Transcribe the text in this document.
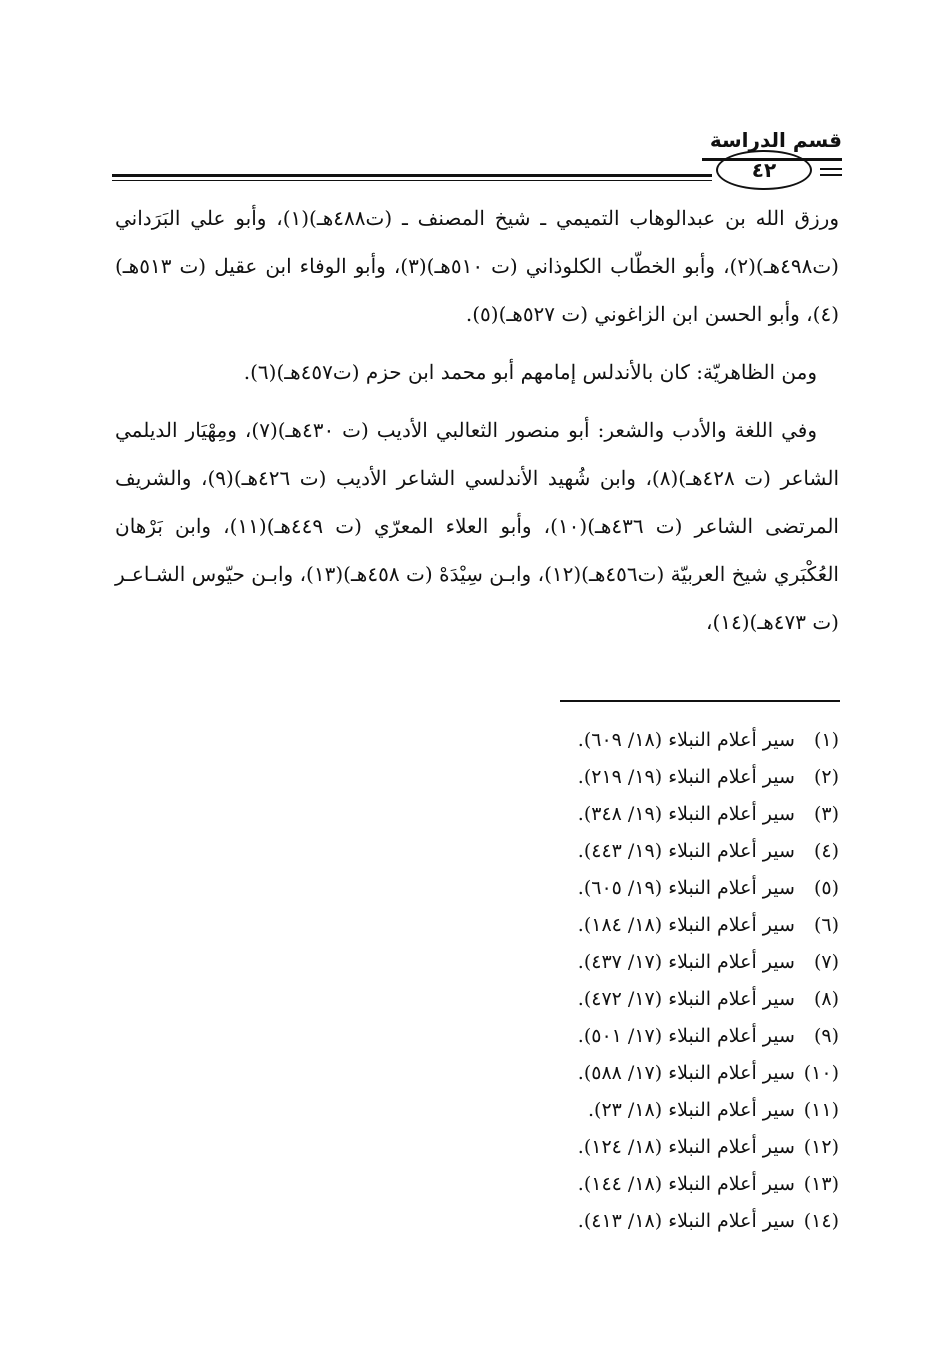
قسم الدراسة
٤٢

ورزق الله بن عبدالوهاب التميمي ـ شيخ المصنف ـ (ت٤٨٨هـ)(١)، وأبو علي البَرَداني (ت٤٩٨هـ)(٢)، وأبو الخطّاب الكلوذاني (ت ٥١٠هـ)(٣)، وأبو الوفاء ابن عقيل (ت ٥١٣هـ)(٤)، وأبو الحسن ابن الزاغوني (ت ٥٢٧هـ)(٥).

ومن الظاهريّة: كان بالأندلس إمامهم أبو محمد ابن حزم (ت٤٥٧هـ)(٦).

وفي اللغة والأدب والشعر: أبو منصور الثعالبي الأديب (ت ٤٣٠هـ)(٧)، ومِهْيَار الديلمي الشاعر (ت ٤٢٨هـ)(٨)، وابن شُهيد الأندلسي الشاعر الأديب (ت ٤٢٦هـ)(٩)، والشريف المرتضى الشاعر (ت ٤٣٦هـ)(١٠)، وأبو العلاء المعرّي (ت ٤٤٩هـ)(١١)، وابن بَرْهان العُكْبَري شيخ العربيّة (ت٤٥٦هـ)(١٢)، وابـن سِيْدَهْ (ت ٤٥٨هـ)(١٣)، وابـن حيّوس الشـاعـر (ت ٤٧٣هـ)(١٤)،

(١) سير أعلام النبلاء (١٨/ ٦٠٩).
(٢) سير أعلام النبلاء (١٩/ ٢١٩).
(٣) سير أعلام النبلاء (١٩/ ٣٤٨).
(٤) سير أعلام النبلاء (١٩/ ٤٤٣).
(٥) سير أعلام النبلاء (١٩/ ٦٠٥).
(٦) سير أعلام النبلاء (١٨/ ١٨٤).
(٧) سير أعلام النبلاء (١٧/ ٤٣٧).
(٨) سير أعلام النبلاء (١٧/ ٤٧٢).
(٩) سير أعلام النبلاء (١٧/ ٥٠١).
(١٠) سير أعلام النبلاء (١٧/ ٥٨٨).
(١١) سير أعلام النبلاء (١٨/ ٢٣).
(١٢) سير أعلام النبلاء (١٨/ ١٢٤).
(١٣) سير أعلام النبلاء (١٨/ ١٤٤).
(١٤) سير أعلام النبلاء (١٨/ ٤١٣).
